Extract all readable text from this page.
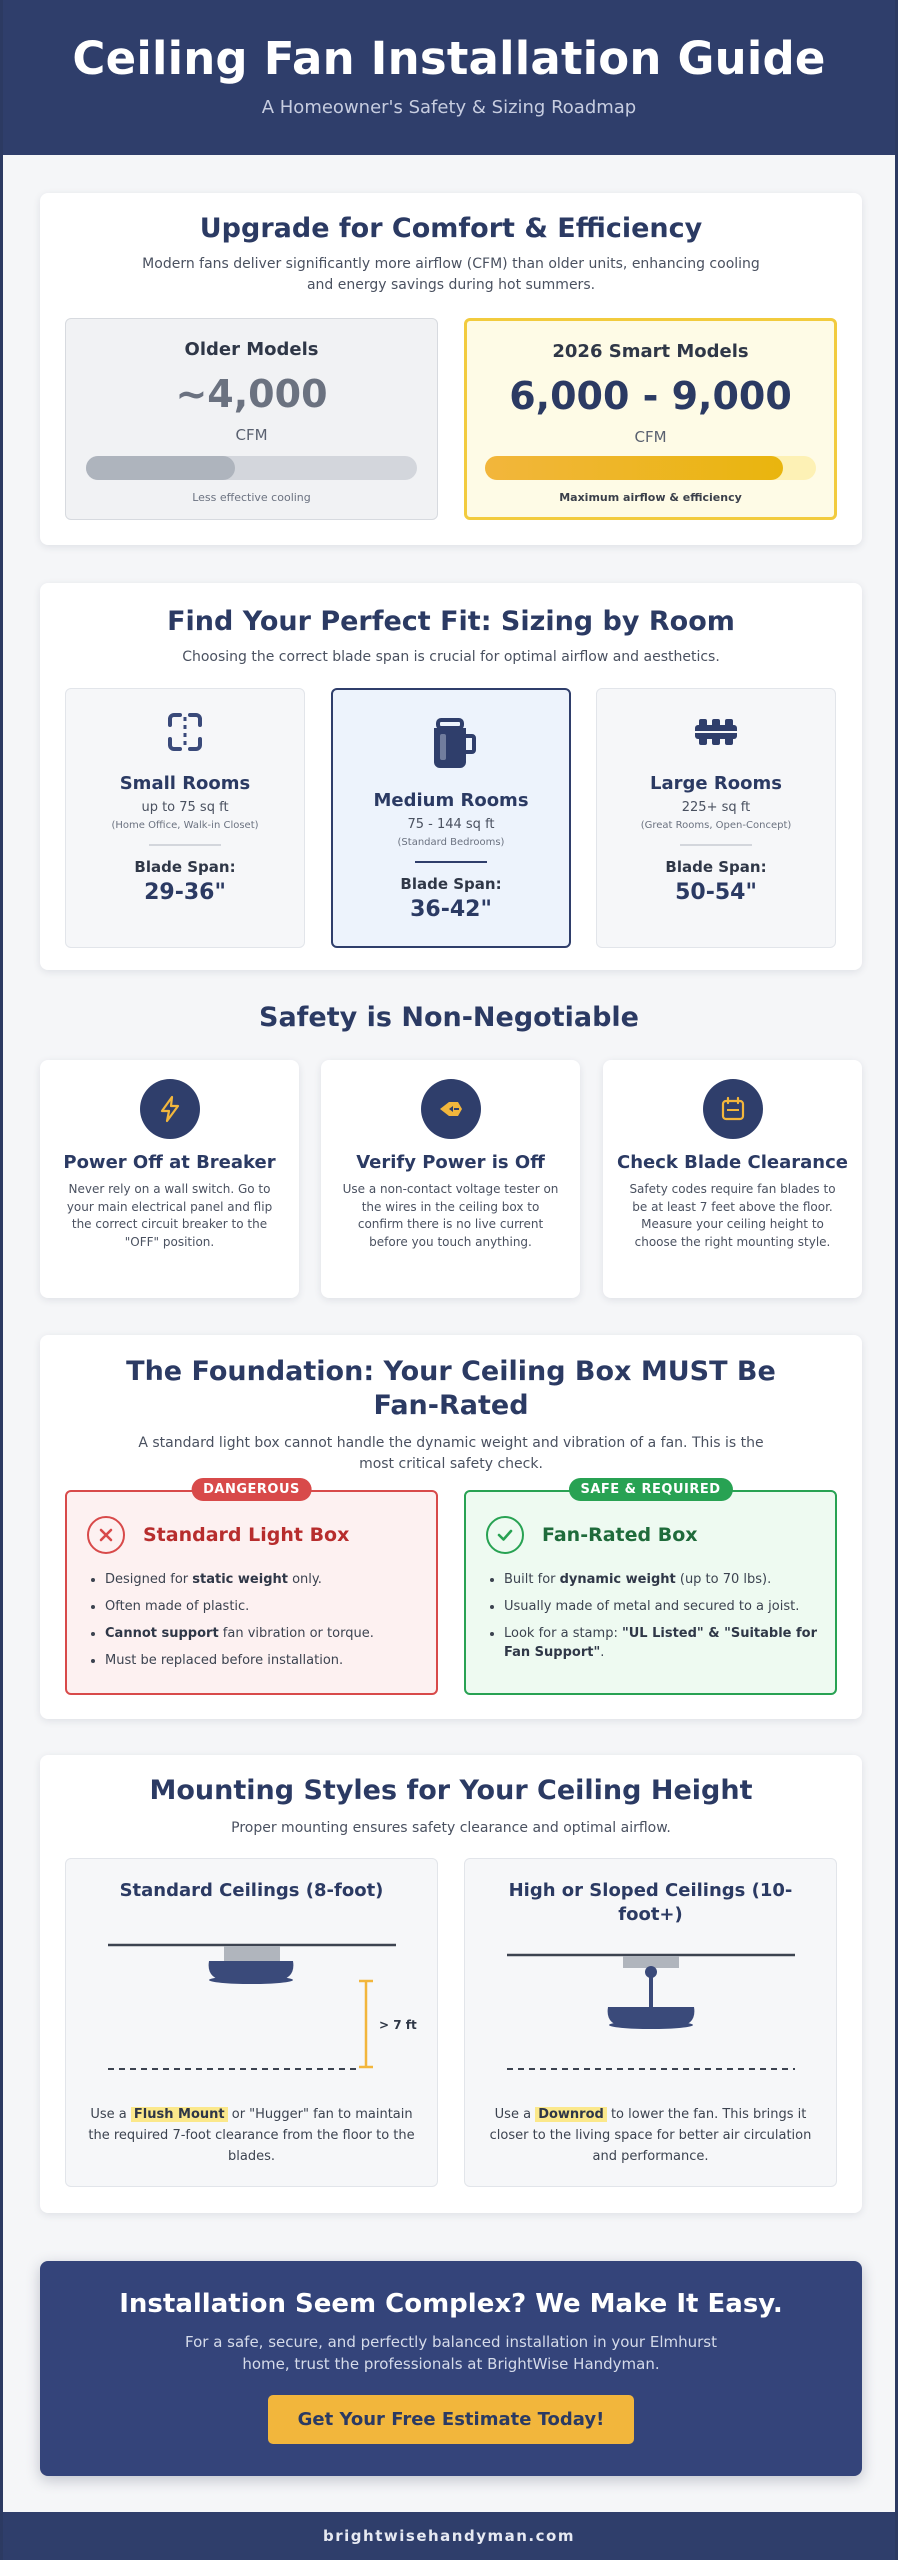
Ceiling Fan Installation Guide

A Homeowner's Safety & Sizing Roadmap

Upgrade for Comfort & Efficiency

Modern fans deliver significantly more airflow (CFM) than older units, enhancing cooling and energy savings during hot summers.

Older Models
~4,000
CFM
Less effective cooling
2026 Smart Models
6,000 - 9,000
CFM
Maximum airflow & efficiency
Find Your Perfect Fit: Sizing by Room

Choosing the correct blade span is crucial for optimal airflow and aesthetics.

Small Rooms
up to 75 sq ft
(Home Office, Walk-in Closet)
Blade Span:
29-36"
Medium Rooms
75 - 144 sq ft
(Standard Bedrooms)
Blade Span:
36-42"
Large Rooms
225+ sq ft
(Great Rooms, Open-Concept)
Blade Span:
50-54"
Safety is Non-Negotiable
Power Off at Breaker

Never rely on a wall switch. Go to your main electrical panel and flip the correct circuit breaker to the "OFF" position.

Verify Power is Off

Use a non-contact voltage tester on the wires in the ceiling box to confirm there is no live current before you touch anything.

Check Blade Clearance

Safety codes require fan blades to be at least 7 feet above the floor. Measure your ceiling height to choose the right mounting style.

The Foundation: Your Ceiling Box MUST Be Fan-Rated

A standard light box cannot handle the dynamic weight and vibration of a fan. This is the most critical safety check.

DANGEROUS
Standard Light Box
• Designed for static weight only.
• Often made of plastic.
• Cannot support fan vibration or torque.
• Must be replaced before installation.
SAFE & REQUIRED
Fan-Rated Box
• Built for dynamic weight (up to 70 lbs).
• Usually made of metal and secured to a joist.
• Look for a stamp: "UL Listed" & "Suitable for Fan Support".
Mounting Styles for Your Ceiling Height

Proper mounting ensures safety clearance and optimal airflow.

Standard Ceilings (8-foot)
> 7 ft

Use a Flush Mount or "Hugger" fan to maintain the required 7-foot clearance from the floor to the blades.

High or Sloped Ceilings (10-foot+)

Use a Downrod to lower the fan. This brings it closer to the living space for better air circulation and performance.

Installation Seem Complex? We Make It Easy.

For a safe, secure, and perfectly balanced installation in your Elmhurst home, trust the professionals at BrightWise Handyman.

Get Your Free Estimate Today!
brightwisehandyman.com
